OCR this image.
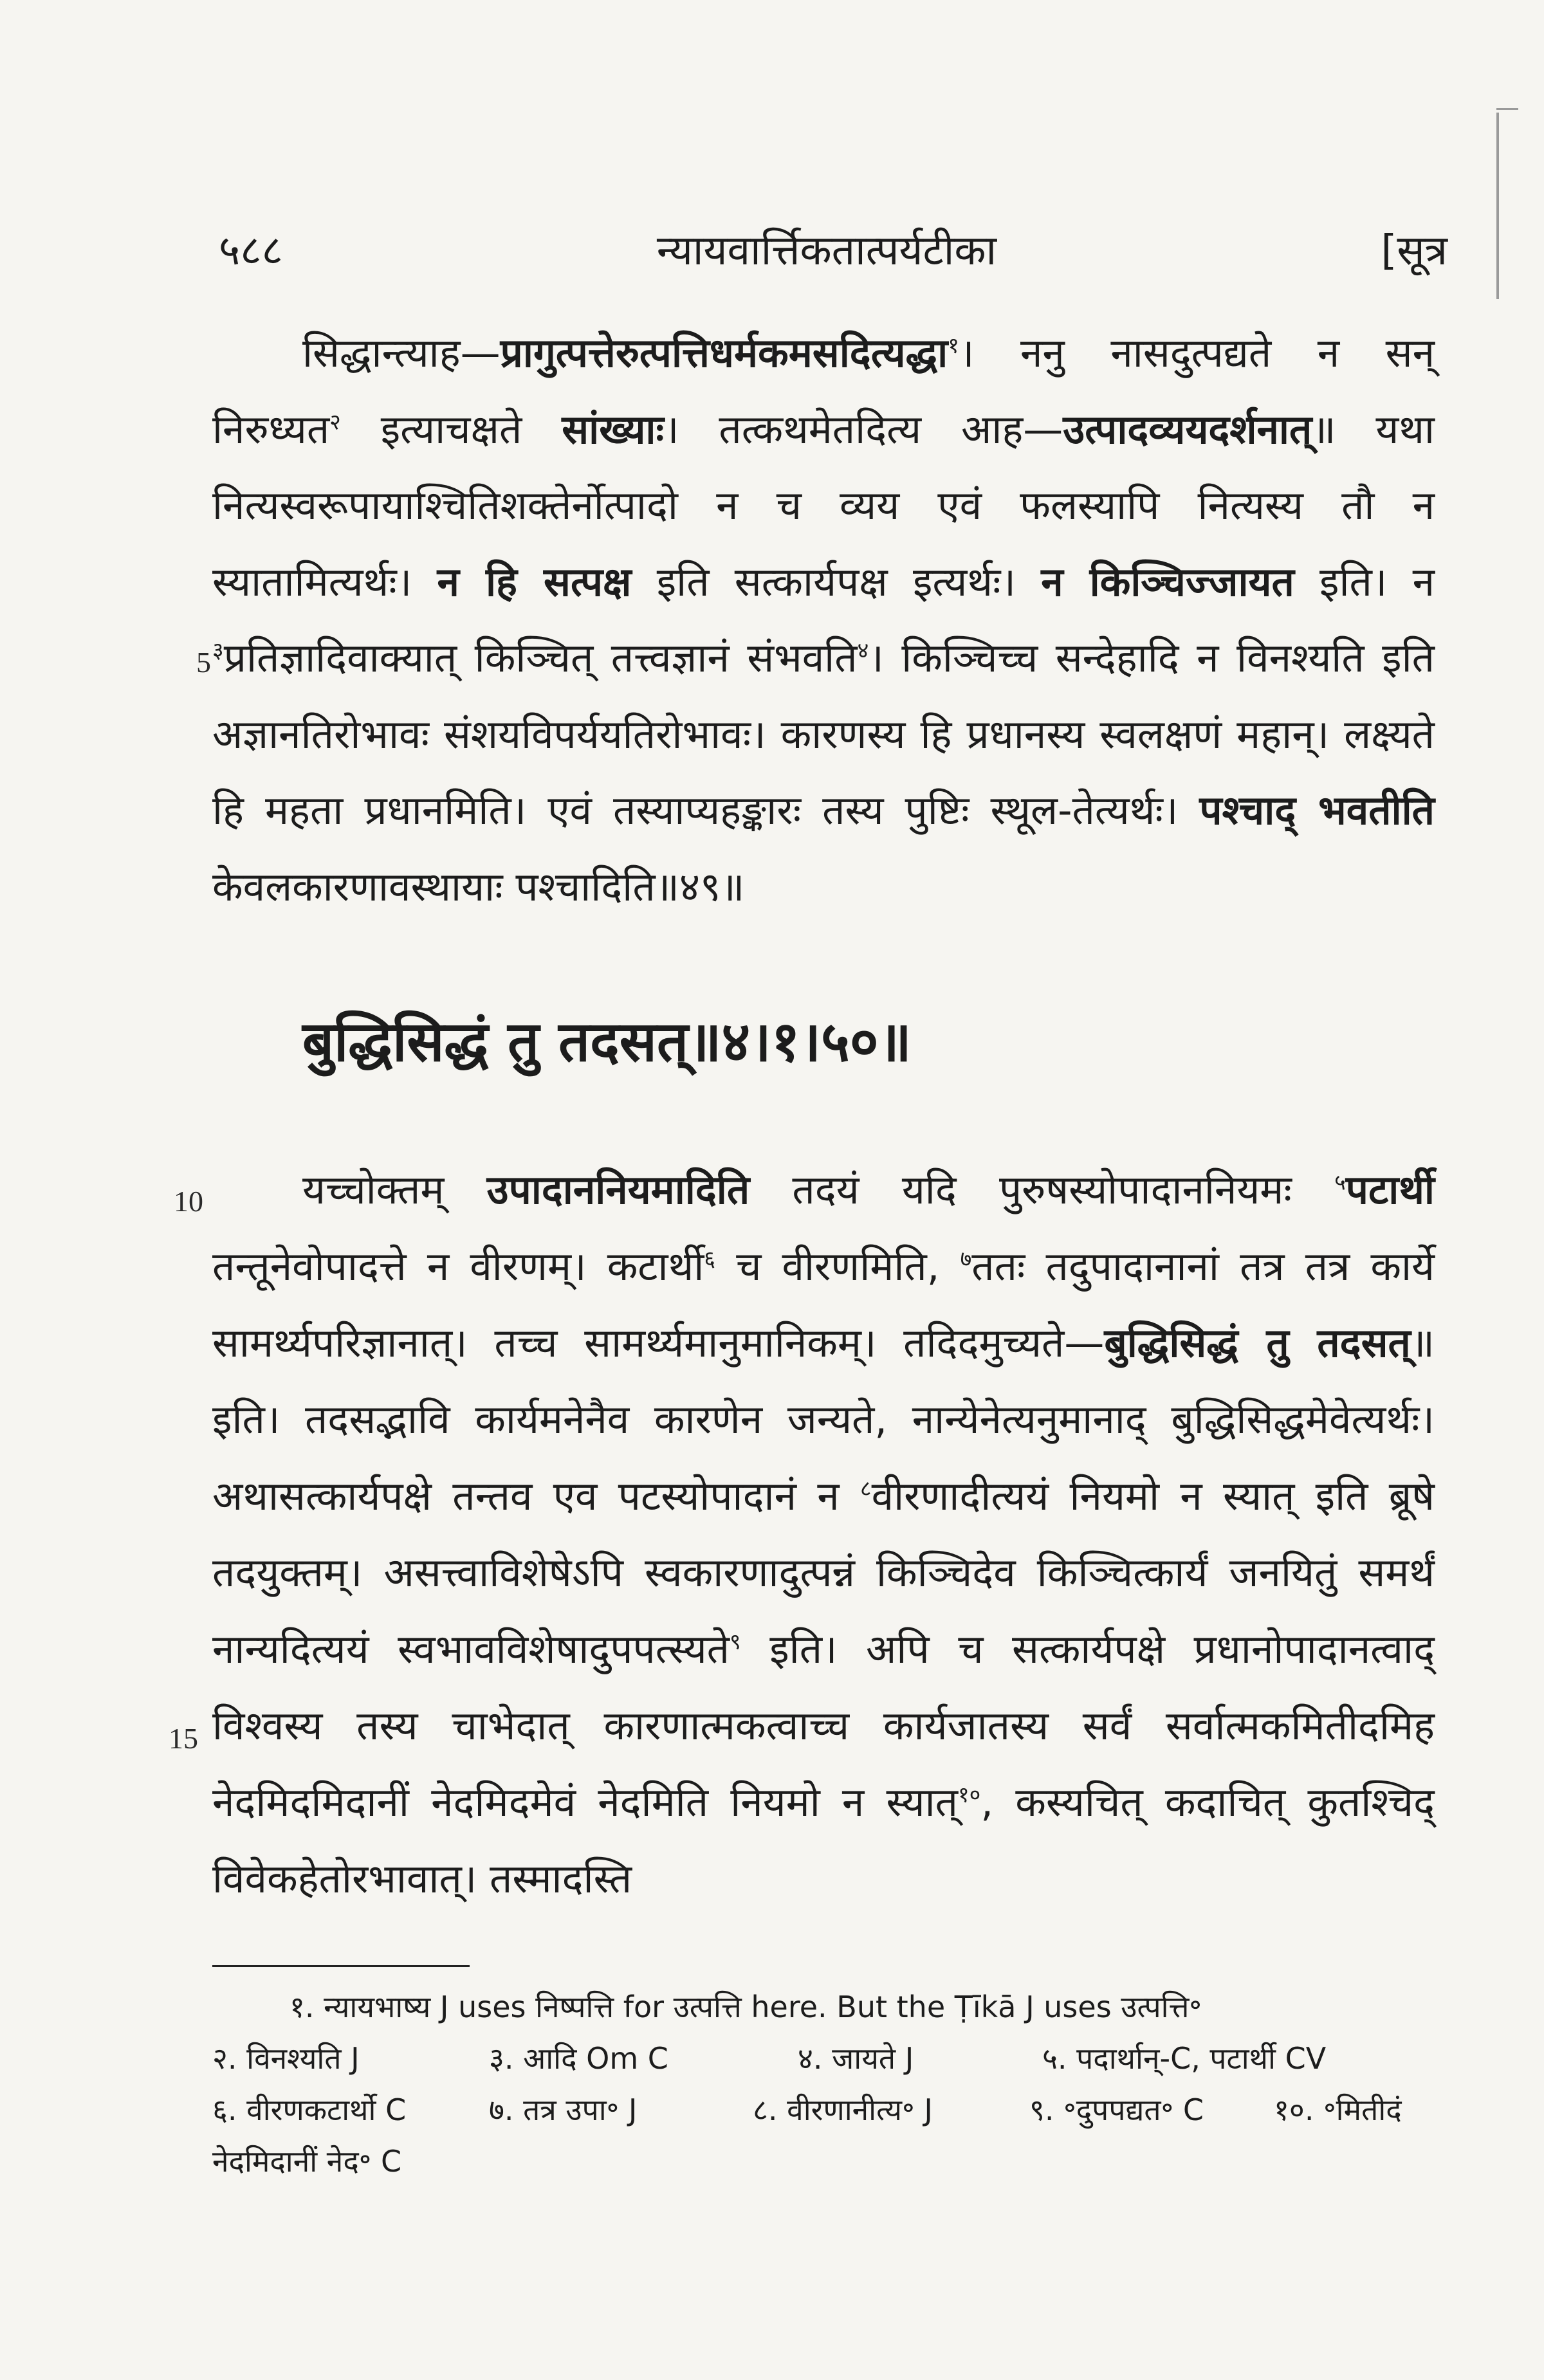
५८८	न्यायवार्त्तिकतात्पर्यटीका	[सूत्र
5
10
15

सिद्धान्त्याह—प्रागुत्पत्तेरुत्पत्तिधर्मकमसदित्यद्धा$^१$। ननु नासदुत्पद्यते न सन् निरुध्यत$^२$ इत्याचक्षते सांख्याः। तत्कथमेतदित्य आह—उत्पादव्ययदर्शनात्॥ यथा नित्यस्वरूपायाश्चितिशक्तेर्नोत्पादो न च व्यय एवं फलस्यापि नित्यस्य तौ न स्यातामित्यर्थः। न हि सत्पक्ष इति सत्कार्यपक्ष इत्यर्थः। न किञ्चिज्जायत इति। न $^३$प्रतिज्ञादिवाक्यात् किञ्चित् तत्त्वज्ञानं संभवति$^४$। किञ्चिच्च सन्देहादि न विनश्यति इति अज्ञानतिरोभावः संशयविपर्ययतिरोभावः। कारणस्य हि प्रधानस्य स्वलक्षणं महान्। लक्ष्यते हि महता प्रधानमिति। एवं तस्याप्यहङ्कारः तस्य पुष्टिः स्थूल-तेत्यर्थः। पश्चाद् भवतीति केवलकारणावस्थायाः पश्चादिति॥४९॥

बुद्धिसिद्धं तु तदसत्॥४।१।५०॥

यच्चोक्तम् उपादाननियमादिति तदयं यदि पुरुषस्योपादाननियमः $^५$पटार्थी तन्तूनेवोपादत्ते न वीरणम्। कटार्थी$^६$ च वीरणमिति, $^७$ततः तदुपादानानां तत्र तत्र कार्ये सामर्थ्यपरिज्ञानात्। तच्च सामर्थ्यमानुमानिकम्। तदिदमुच्यते—बुद्धिसिद्धं तु तदसत्॥ इति। तदसद्भावि कार्यमनेनैव कारणेन जन्यते, नान्येनेत्यनुमानाद् बुद्धिसिद्धमेवेत्यर्थः। अथासत्कार्यपक्षे तन्तव एव पटस्योपादानं न $^८$वीरणादीत्ययं नियमो न स्यात् इति ब्रूषे तदयुक्तम्। असत्त्वाविशेषेऽपि स्वकारणादुत्पन्नं किञ्चिदेव किञ्चित्कार्यं जनयितुं समर्थं नान्यदित्ययं स्वभावविशेषादुपपत्स्यते$^९$ इति। अपि च सत्कार्यपक्षे प्रधानोपादानत्वाद् विश्वस्य तस्य चाभेदात् कारणात्मकत्वाच्च कार्यजातस्य सर्वं सर्वात्मकमितीदमिह नेदमिदमिदानीं नेदमिदमेवं नेदमिति नियमो न स्यात्$^{१०}$, कस्यचित् कदाचित् कुतश्चिद् विवेकहेतोरभावात्। तस्मादस्ति

१. न्यायभाष्य J uses निष्पत्ति for उत्पत्ति here. But the Ṭīkā J uses उत्पत्ति॰
२. विनश्यति J	३. आदि Om C	४. जायते J	५. पदार्थान्-C, पटार्थी CV
६. वीरणकटार्थो C	७. तत्र उपा॰ J	८. वीरणानीत्य॰ J	९. ॰दुपपद्यत॰ C १०. ॰मितीदं
नेदमिदानीं नेद॰ C
